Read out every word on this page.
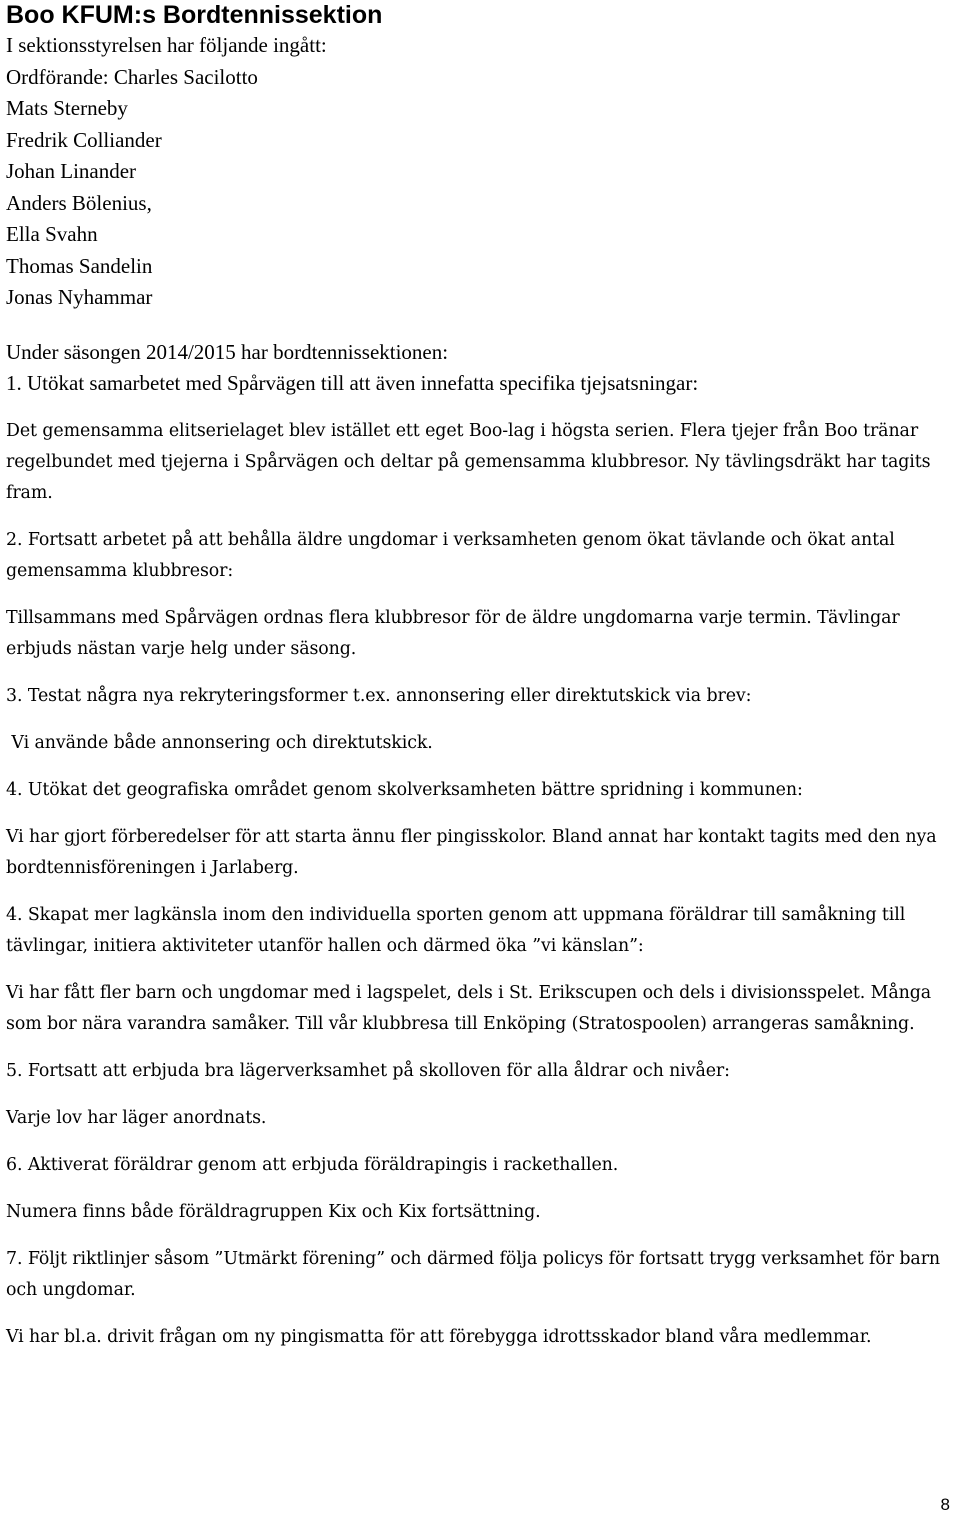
Boo KFUM:s Bordtennissektion

I sektionsstyrelsen har följande ingått:

Ordförande: Charles Sacilotto

Mats Sterneby

Fredrik Colliander

Johan Linander

Anders Bölenius,

Ella Svahn

Thomas Sandelin

Jonas Nyhammar

Under säsongen 2014/2015 har bordtennissektionen:

1. Utökat samarbetet med Spårvägen till att även innefatta specifika tjejsatsningar:

Det gemensamma elitserielaget blev istället ett eget Boo-lag i högsta serien. Flera tjejer från Boo tränar regelbundet med tjejerna i Spårvägen och deltar på gemensamma klubbresor. Ny tävlingsdräkt har tagits fram.

2. Fortsatt arbetet på att behålla äldre ungdomar i verksamheten genom ökat tävlande och ökat antal gemensamma klubbresor:

Tillsammans med Spårvägen ordnas flera klubbresor för de äldre ungdomarna varje termin. Tävlingar erbjuds nästan varje helg under säsong.

3. Testat några nya rekryteringsformer t.ex. annonsering eller direktutskick via brev:

Vi använde både annonsering och direktutskick.

4. Utökat det geografiska området genom skolverksamheten bättre spridning i kommunen:

Vi har gjort förberedelser för att starta ännu fler pingisskolor. Bland annat har kontakt tagits med den nya bordtennisföreningen i Jarlaberg.

4. Skapat mer lagkänsla inom den individuella sporten genom att uppmana föräldrar till samåkning till tävlingar, initiera aktiviteter utanför hallen och därmed öka ”vi känslan”:

Vi har fått fler barn och ungdomar med i lagspelet, dels i St. Erikscupen och dels i divisionsspelet. Många som bor nära varandra samåker. Till vår klubbresa till Enköping (Stratospoolen) arrangeras samåkning.

5. Fortsatt att erbjuda bra lägerverksamhet på skolloven för alla åldrar och nivåer:

Varje lov har läger anordnats.

6. Aktiverat föräldrar genom att erbjuda föräldrapingis i rackethallen.

Numera finns både föräldragruppen Kix och Kix fortsättning.

7. Följt riktlinjer såsom ”Utmärkt förening” och därmed följa policys för fortsatt trygg verksamhet för barn och ungdomar.

Vi har bl.a. drivit frågan om ny pingismatta för att förebygga idrottsskador bland våra medlemmar.

8
